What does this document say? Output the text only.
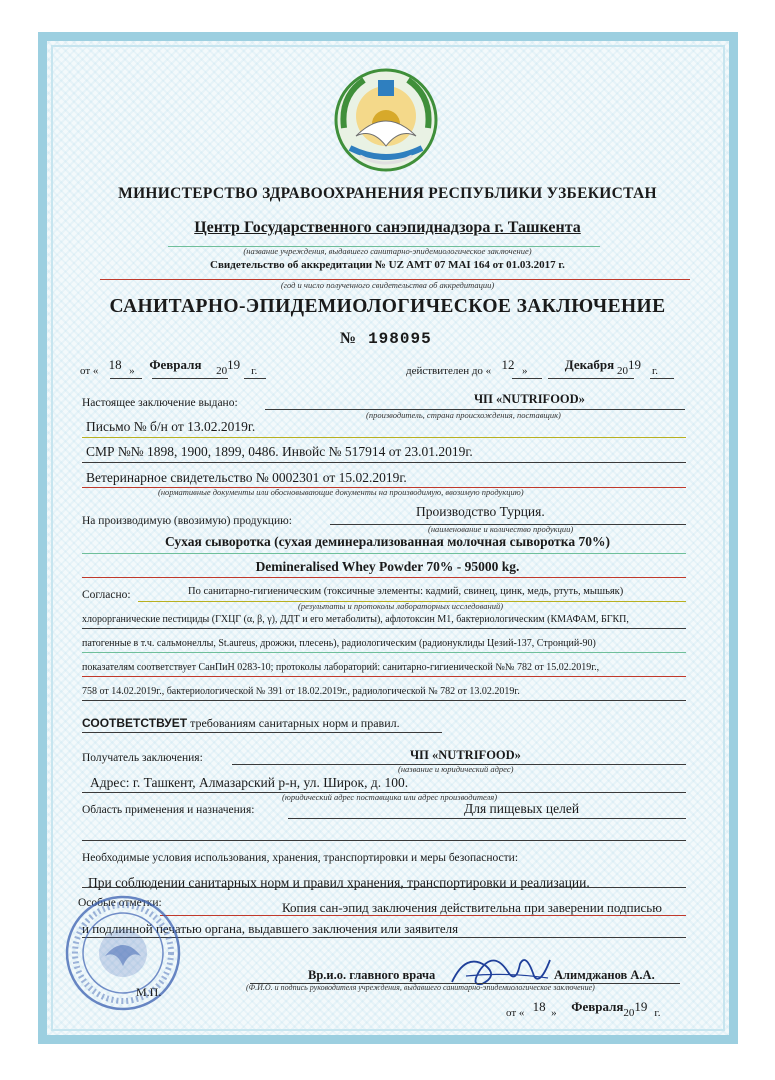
МИНИСТЕРСТВО ЗДРАВООХРАНЕНИЯ РЕСПУБЛИКИ УЗБЕКИСТАН
Центр Государственного санэпиднадзора г. Ташкента
(название учреждения, выдавшего санитарно-эпидемиологическое заключение)
Свидетельство об аккредитации № UZ AMT 07 MAI 164 от 01.03.2017 г.
(год и число полученного свидетельства об аккредитации)
САНИТАРНО-ЭПИДЕМИОЛОГИЧЕСКОЕ ЗАКЛЮЧЕНИЕ
№ 198095
от « 18 » Февраля 2019 г.	действителен до « 12 »	Декабря 2019 г.
Настоящее заключение выдано:	ЧП «NUTRIFOOD»
(производитель, страна происхождения, поставщик)
Письмо № б/н от 13.02.2019г.
СМР №№ 1898, 1900, 1899, 0486. Инвойс № 517914 от 23.01.2019г.
Ветеринарное свидетельство № 0002301 от 15.02.2019г.
(нормативные документы или обосновывающие документы на производимую, ввозимую продукцию)
На производимую (ввозимую) продукцию:
Производство Турция.
(наименование и количество продукции)
Сухая сыворотка (сухая деминерализованная молочная сыворотка 70%)
Demineralised Whey Powder 70% - 95000 kg.
Согласно:	По санитарно-гигиеническим (токсичные элементы: кадмий, свинец, цинк, медь, ртуть, мышьяк)
(результаты и протоколы лабораторных исследований)
хлорорганические пестициды (ГХЦГ (α, β, γ), ДДТ и его метаболиты), афлотоксин М1, бактериологическим (КМАФАМ, БГКП,
патогенные в т.ч. сальмонеллы, St.aureus, дрожжи, плесень), радиологическим (радионуклиды Цезий-137, Стронций-90)
показателям соответствует СанПиН 0283-10; протоколы лабораторий: санитарно-гигиенической №№ 782 от 15.02.2019г.,
758 от 14.02.2019г., бактериологической № 391 от 18.02.2019г., радиологической № 782 от 13.02.2019г.
СООТВЕТСТВУЕТ требованиям санитарных норм и правил.
Получатель заключения:	ЧП «NUTRIFOOD»
(название и юридический адрес)
Адрес: г. Ташкент, Алмазарский р-н, ул. Широк, д. 100.
(юридический адрес поставщика или адрес производителя)
Область применения и назначения:	Для пищевых целей
Необходимые условия использования, хранения, транспортировки и меры безопасности:
При соблюдении санитарных норм и правил хранения, транспортировки и реализации.
Особые отметки:	Копия сан-эпид заключения действительна при заверении подписью
и подлинной печатью органа, выдавшего заключения или заявителя
М.П.
Вр.и.о. главного врача	Алимджанов А.А.
(Ф.И.О. и подпись руководителя учреждения, выдавшего санитарно-эпидемиологическое заключение)
от « 18 » Февраля2019 г.
